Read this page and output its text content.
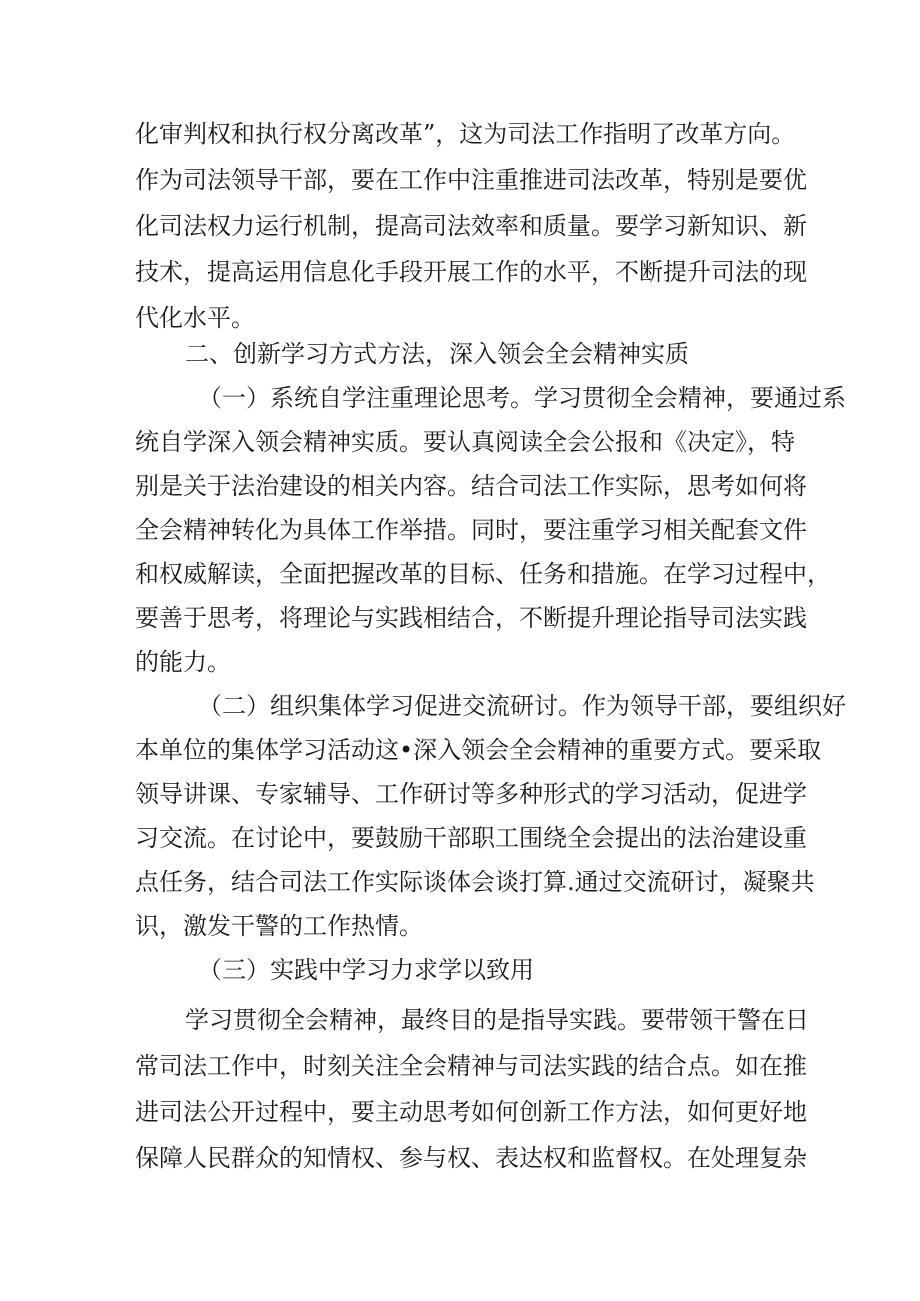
化审判权和执行权分离改革”，这为司法工作指明了改革方向。
作为司法领导干部，要在工作中注重推进司法改革，特别是要优
化司法权力运行机制，提高司法效率和质量。要学习新知识、新
技术，提高运用信息化手段开展工作的水平，不断提升司法的现
代化水平。
二、创新学习方式方法，深入领会全会精神实质
（一）系统自学注重理论思考。学习贯彻全会精神，要通过系
统自学深入领会精神实质。要认真阅读全会公报和《决定》，特
别是关于法治建设的相关内容。结合司法工作实际，思考如何将
全会精神转化为具体工作举措。同时，要注重学习相关配套文件
和权威解读，全面把握改革的目标、任务和措施。在学习过程中，
要善于思考，将理论与实践相结合，不断提升理论指导司法实践
的能力。
（二）组织集体学习促进交流研讨。作为领导干部，要组织好
本单位的集体学习活动这•深入领会全会精神的重要方式。要采取
领导讲课、专家辅导、工作研讨等多种形式的学习活动，促进学
习交流。在讨论中，要鼓励干部职工围绕全会提出的法治建设重
点任务，结合司法工作实际谈体会谈打算.通过交流研讨，凝聚共
识，激发干警的工作热情。
（三）实践中学习力求学以致用
学习贯彻全会精神，最终目的是指导实践。要带领干警在日
常司法工作中，时刻关注全会精神与司法实践的结合点。如在推
进司法公开过程中，要主动思考如何创新工作方法，如何更好地
保障人民群众的知情权、参与权、表达权和监督权。在处理复杂
